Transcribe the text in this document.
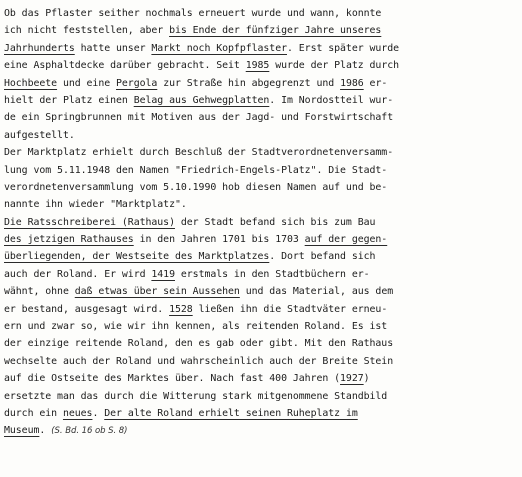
Ob das Pflaster seither nochmals erneuert wurde und wann, konnte
ich nicht feststellen, aber bis Ende der fünfziger Jahre unseres
Jahrhunderts hatte unser Markt noch Kopfpflaster. Erst später wurde
eine Asphaltdecke darüber gebracht. Seit 1985 wurde der Platz durch
Hochbeete und eine Pergola zur Straße hin abgegrenzt und 1986 er-
hielt der Platz einen Belag aus Gehwegplatten. Im Nordostteil wur-
de ein Springbrunnen mit Motiven aus der Jagd- und Forstwirtschaft
aufgestellt.
Der Marktplatz erhielt durch Beschluß der Stadtverordnetenversamm-
lung vom 5.11.1948 den Namen "Friedrich-Engels-Platz". Die Stadt-
verordnetenversammlung vom 5.10.1990 hob diesen Namen auf und be-
nannte ihn wieder "Marktplatz".
Die Ratsschreiberei (Rathaus) der Stadt befand sich bis zum Bau
des jetzigen Rathauses in den Jahren 1701 bis 1703 auf der gegen-
überliegenden, der Westseite des Marktplatzes. Dort befand sich
auch der Roland. Er wird 1419 erstmals in den Stadtbüchern er-
wähnt, ohne daß etwas über sein Aussehen und das Material, aus dem
er bestand, ausgesagt wird. 1528 ließen ihn die Stadtväter erneu-
ern und zwar so, wie wir ihn kennen, als reitenden Roland. Es ist
der einzige reitende Roland, den es gab oder gibt. Mit den Rathaus
wechselte auch der Roland und wahrscheinlich auch der Breite Stein
auf die Ostseite des Marktes über. Nach fast 400 Jahren (1927)
ersetzte man das durch die Witterung stark mitgenommene Standbild
durch ein neues. Der alte Roland erhielt seinen Ruheplatz im
Museum. (S. Bd. 16 ob S. 8)
